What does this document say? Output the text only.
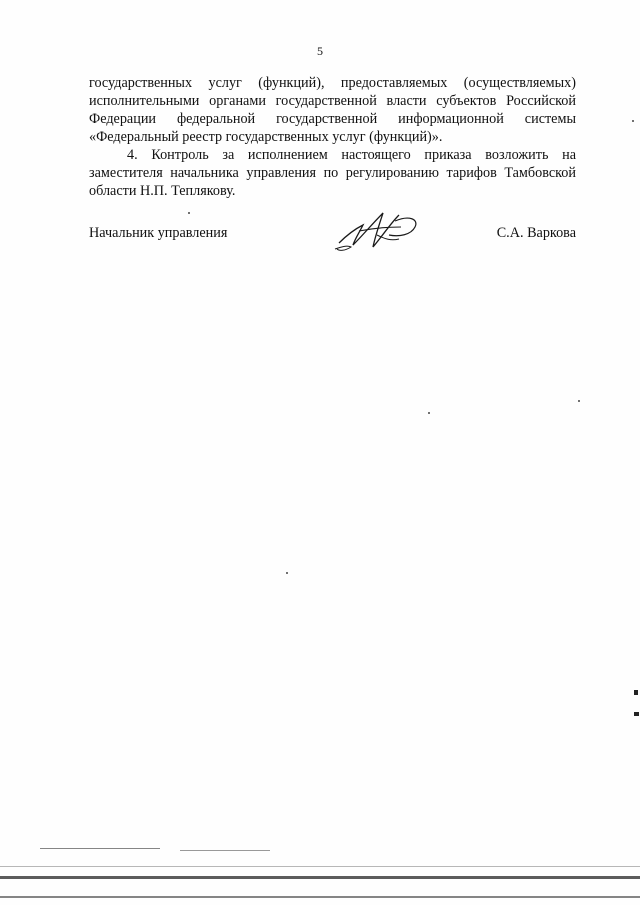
5

государственных услуг (функций), предоставляемых (осуществляемых) исполнительными органами государственной власти субъектов Российской Федерации федеральной государственной информационной системы «Федеральный реестр государственных услуг (функций)».

4. Контроль за исполнением настоящего приказа возложить на заместителя начальника управления по регулированию тарифов Тамбовской области Н.П. Теплякову.

Начальник управления	С.А. Варкова
